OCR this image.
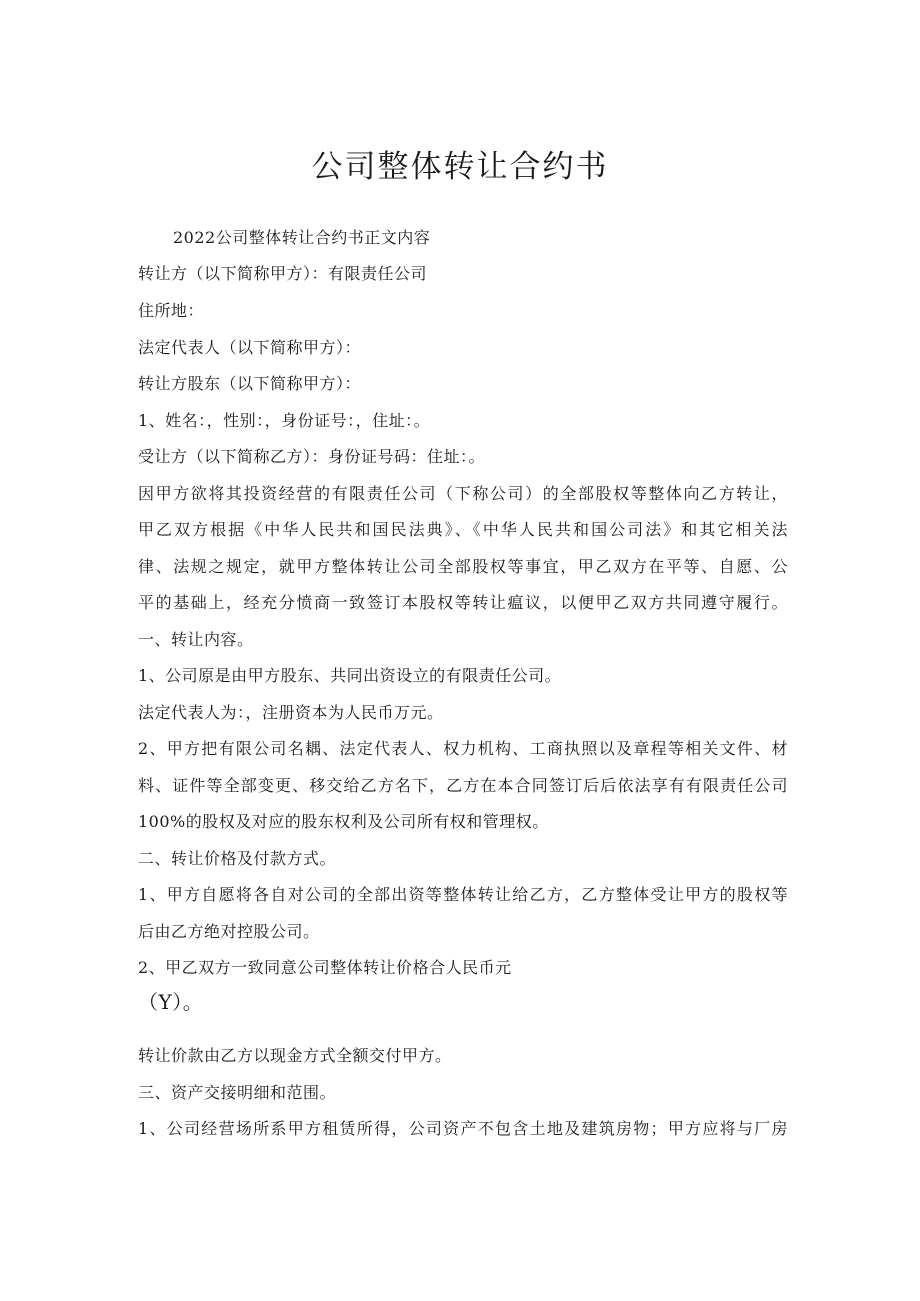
公司整体转让合约书
2022公司整体转让合约书正文内容
转让方（以下简称甲方）：有限责任公司
住所地：
法定代表人（以下简称甲方）：
转让方股东（以下简称甲方）：
1、姓名：，性别：，身份证号：，住址：。
受让方（以下简称乙方）：身份证号码：住址：。
因甲方欲将其投资经营的有限责任公司（下称公司）的全部股权等整体向乙方转让，
甲乙双方根据《中华人民共和国民法典》、《中华人民共和国公司法》和其它相关法
律、法规之规定，就甲方整体转让公司全部股权等事宜，甲乙双方在平等、自愿、公
平的基础上，经充分愤商一致签订本股权等转让瘟议，以便甲乙双方共同遵守履行。
一、转让内容。
1、公司原是由甲方股东、共同出资设立的有限责任公司。
法定代表人为：，注册资本为人民币万元。
2、甲方把有限公司名耦、法定代表人、权力机构、工商执照以及章程等相关文件、材
料、证件等全部变更、移交给乙方名下，乙方在本合同签订后后依法享有有限责任公司
100%的股权及对应的股东权利及公司所有权和管理权。
二、转让价格及付款方式。
1、甲方自愿将各自对公司的全部出资等整体转让给乙方，乙方整体受让甲方的股权等
后由乙方绝对控股公司。
2、甲乙双方一致同意公司整体转让价格合人民币元
（Y）。
转让价款由乙方以现金方式全额交付甲方。
三、资产交接明细和范围。
1、公司经营场所系甲方租赁所得，公司资产不包含土地及建筑房物；甲方应将与厂房
